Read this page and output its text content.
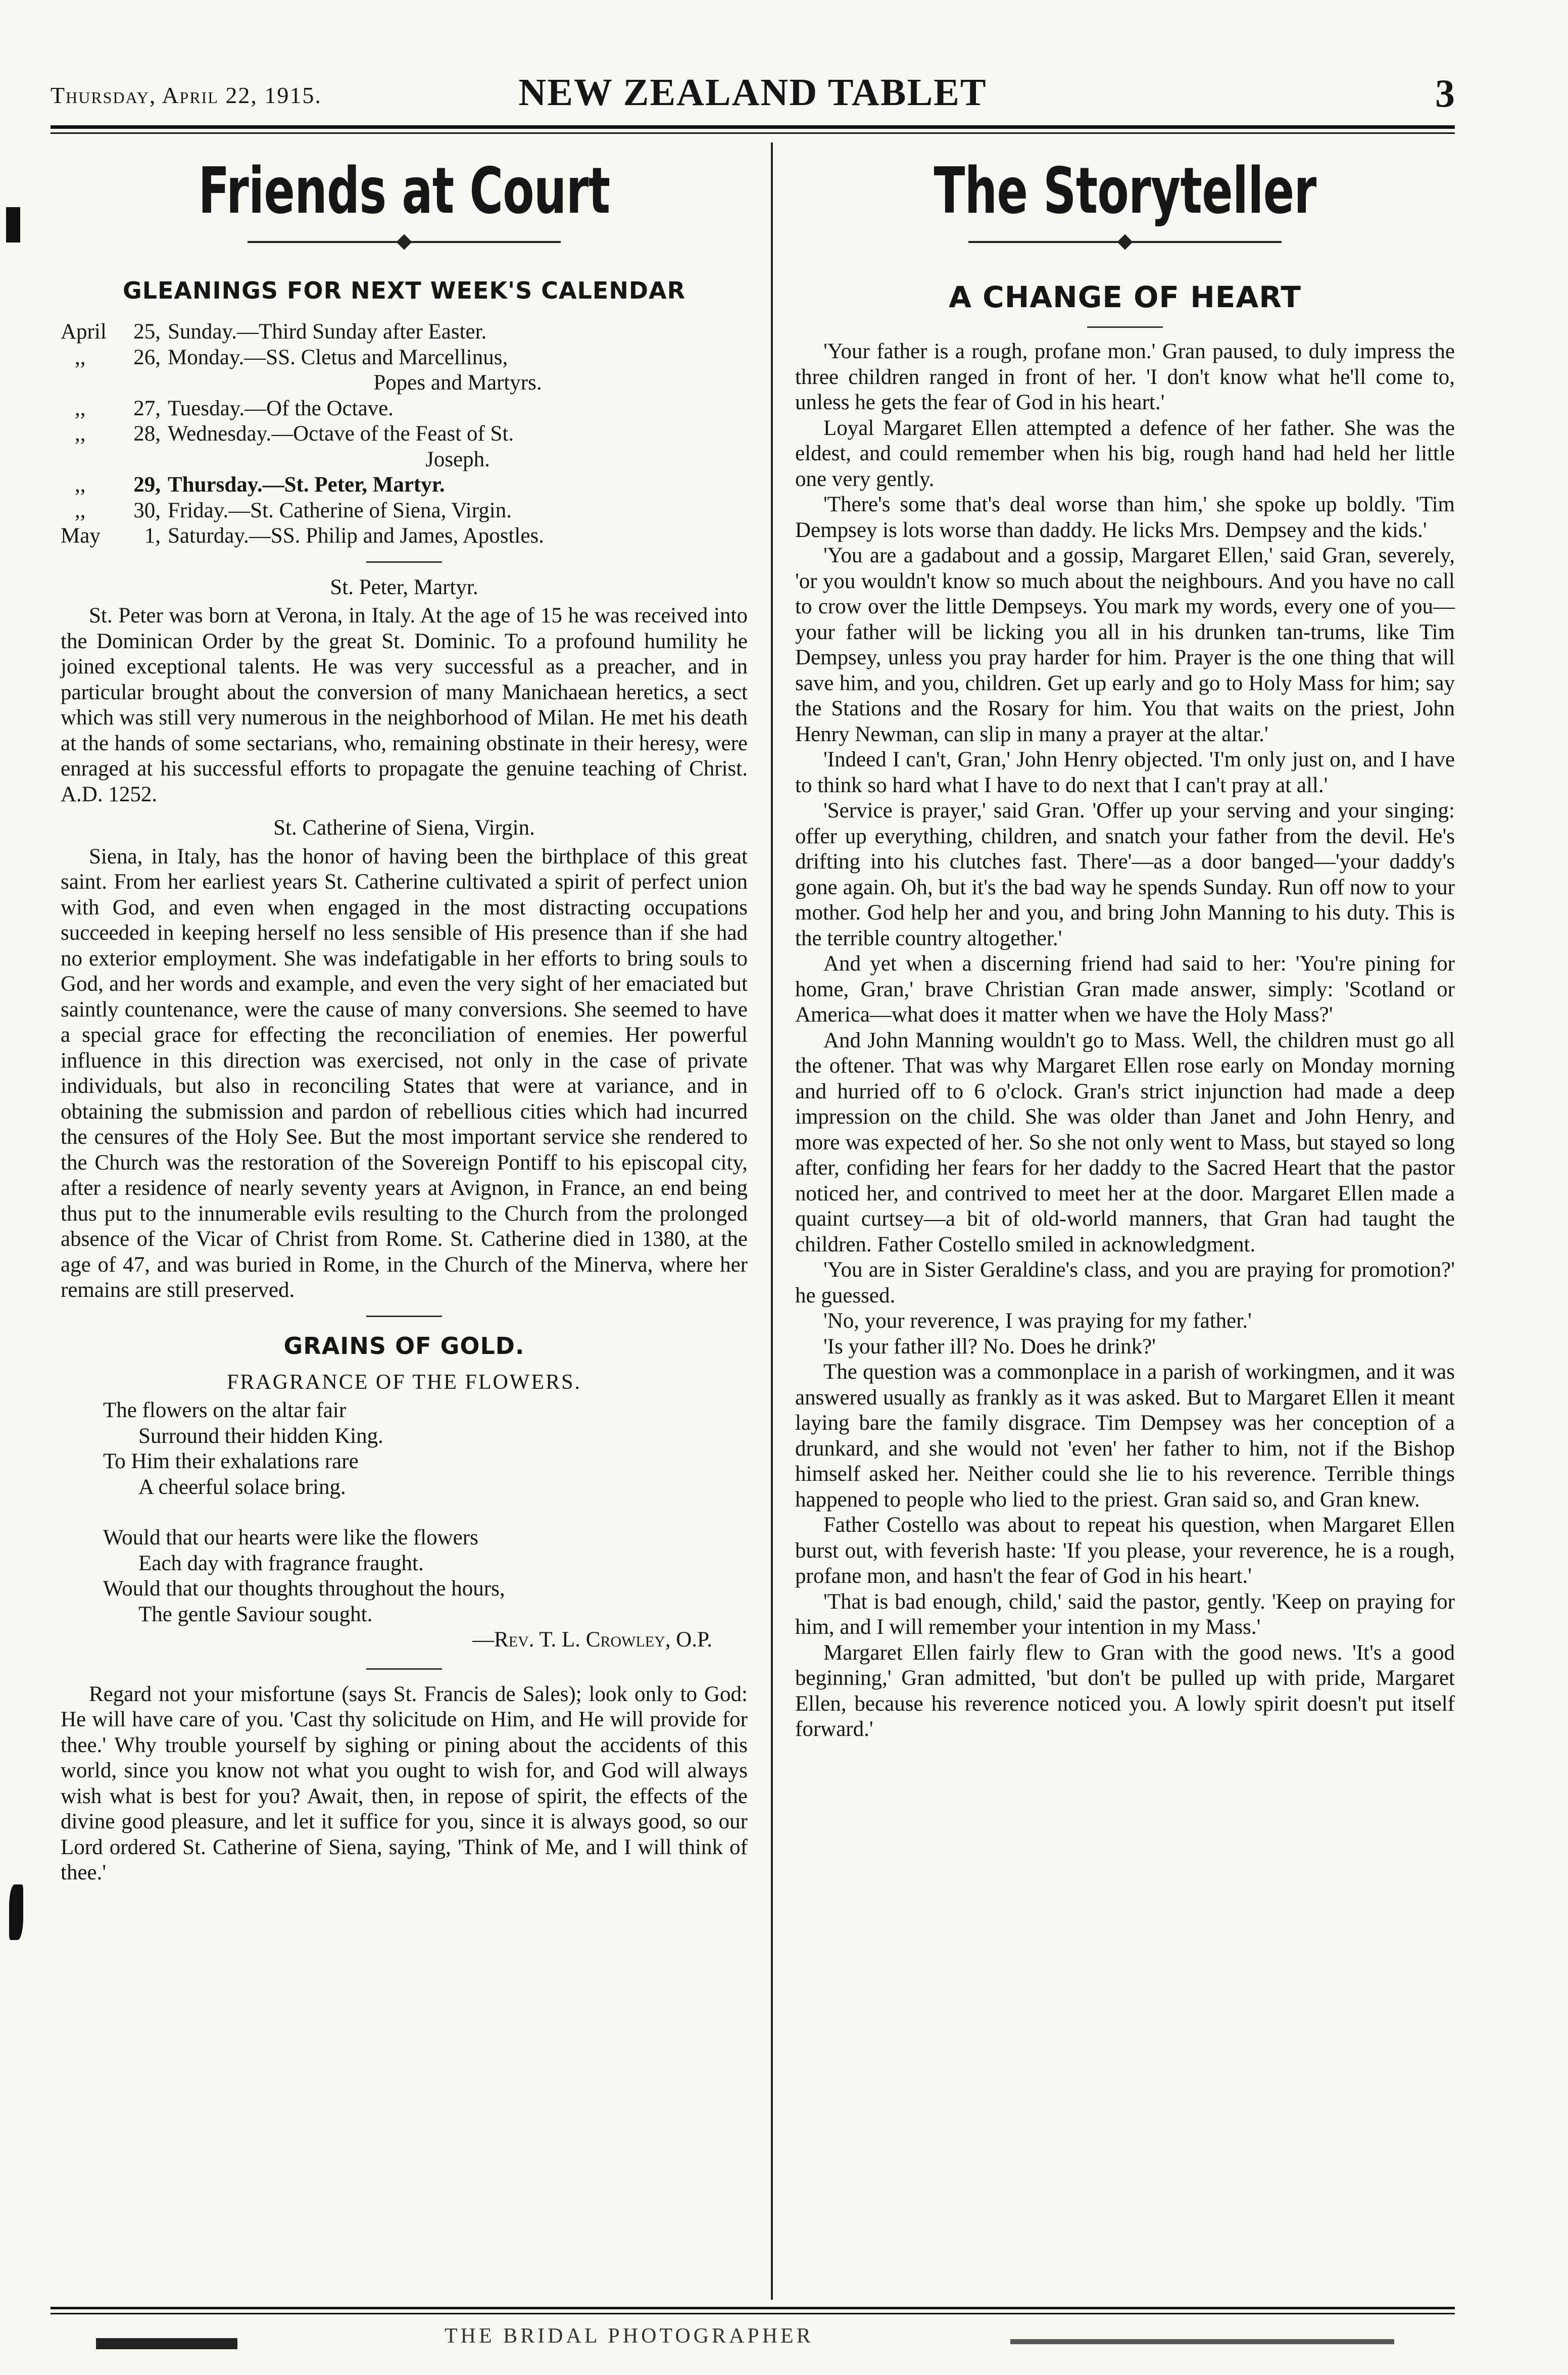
Thursday, April 22, 1915.	NEW ZEALAND TABLET	3
Friends at Court
GLEANINGS FOR NEXT WEEK'S CALENDAR
April	25, Sunday.—Third Sunday after Easter.
,,	26, Monday.—SS. Cletus and Marcellinus,
Popes and Martyrs.
,,	27, Tuesday.—Of the Octave.
,,	28, Wednesday.—Octave of the Feast of St.
Joseph.
,,	29, Thursday.—St. Peter, Martyr.
,,	30, Friday.—St. Catherine of Siena, Virgin.
May	1, Saturday.—SS. Philip and James, Apostles.
St. Peter, Martyr.

St. Peter was born at Verona, in Italy. At the age of 15 he was received into the Dominican Order by the great St. Dominic. To a profound humility he joined exceptional talents. He was very successful as a preacher, and in particular brought about the conversion of many Manichaean heretics, a sect which was still very numerous in the neighborhood of Milan. He met his death at the hands of some sectarians, who, remaining obstinate in their heresy, were enraged at his successful efforts to propagate the genuine teaching of Christ. A.D. 1252.

St. Catherine of Siena, Virgin.

Siena, in Italy, has the honor of having been the birthplace of this great saint. From her earliest years St. Catherine cultivated a spirit of perfect union with God, and even when engaged in the most distracting occupations succeeded in keeping herself no less sensible of His presence than if she had no exterior employment. She was indefatigable in her efforts to bring souls to God, and her words and example, and even the very sight of her emaciated but saintly countenance, were the cause of many conversions. She seemed to have a special grace for effecting the reconciliation of enemies. Her powerful influence in this direction was exercised, not only in the case of private individuals, but also in reconciling States that were at variance, and in obtaining the submission and pardon of rebellious cities which had incurred the censures of the Holy See. But the most important service she rendered to the Church was the restoration of the Sovereign Pontiff to his episcopal city, after a residence of nearly seventy years at Avignon, in France, an end being thus put to the innumerable evils resulting to the Church from the prolonged absence of the Vicar of Christ from Rome. St. Catherine died in 1380, at the age of 47, and was buried in Rome, in the Church of the Minerva, where her remains are still preserved.

GRAINS OF GOLD.
FRAGRANCE OF THE FLOWERS.
The flowers on the altar fair
Surround their hidden King.
To Him their exhalations rare
A cheerful solace bring.
Would that our hearts were like the flowers
Each day with fragrance fraught.
Would that our thoughts throughout the hours,
The gentle Saviour sought.
—Rev. T. L. Crowley, O.P.

Regard not your misfortune (says St. Francis de Sales); look only to God: He will have care of you. 'Cast thy solicitude on Him, and He will provide for thee.' Why trouble yourself by sighing or pining about the accidents of this world, since you know not what you ought to wish for, and God will always wish what is best for you? Await, then, in repose of spirit, the effects of the divine good pleasure, and let it suffice for you, since it is always good, so our Lord ordered St. Catherine of Siena, saying, 'Think of Me, and I will think of thee.'

The Storyteller
A CHANGE OF HEART

'Your father is a rough, profane mon.' Gran paused, to duly impress the three children ranged in front of her. 'I don't know what he'll come to, unless he gets the fear of God in his heart.'

Loyal Margaret Ellen attempted a defence of her father. She was the eldest, and could remember when his big, rough hand had held her little one very gently.

'There's some that's deal worse than him,' she spoke up boldly. 'Tim Dempsey is lots worse than daddy. He licks Mrs. Dempsey and the kids.'

'You are a gadabout and a gossip, Margaret Ellen,' said Gran, severely, 'or you wouldn't know so much about the neighbours. And you have no call to crow over the little Dempseys. You mark my words, every one of you—your father will be licking you all in his drunken tan-trums, like Tim Dempsey, unless you pray harder for him. Prayer is the one thing that will save him, and you, children. Get up early and go to Holy Mass for him; say the Stations and the Rosary for him. You that waits on the priest, John Henry Newman, can slip in many a prayer at the altar.'

'Indeed I can't, Gran,' John Henry objected. 'I'm only just on, and I have to think so hard what I have to do next that I can't pray at all.'

'Service is prayer,' said Gran. 'Offer up your serving and your singing: offer up everything, children, and snatch your father from the devil. He's drifting into his clutches fast. There'—as a door banged—'your daddy's gone again. Oh, but it's the bad way he spends Sunday. Run off now to your mother. God help her and you, and bring John Manning to his duty. This is the terrible country altogether.'

And yet when a discerning friend had said to her: 'You're pining for home, Gran,' brave Christian Gran made answer, simply: 'Scotland or America—what does it matter when we have the Holy Mass?'

And John Manning wouldn't go to Mass. Well, the children must go all the oftener. That was why Margaret Ellen rose early on Monday morning and hurried off to 6 o'clock. Gran's strict injunction had made a deep impression on the child. She was older than Janet and John Henry, and more was expected of her. So she not only went to Mass, but stayed so long after, confiding her fears for her daddy to the Sacred Heart that the pastor noticed her, and contrived to meet her at the door. Margaret Ellen made a quaint curtsey—a bit of old-world manners, that Gran had taught the children. Father Costello smiled in acknowledgment.

'You are in Sister Geraldine's class, and you are praying for promotion?' he guessed.

'No, your reverence, I was praying for my father.'

'Is your father ill? No. Does he drink?'

The question was a commonplace in a parish of workingmen, and it was answered usually as frankly as it was asked. But to Margaret Ellen it meant laying bare the family disgrace. Tim Dempsey was her conception of a drunkard, and she would not 'even' her father to him, not if the Bishop himself asked her. Neither could she lie to his reverence. Terrible things happened to people who lied to the priest. Gran said so, and Gran knew.

Father Costello was about to repeat his question, when Margaret Ellen burst out, with feverish haste: 'If you please, your reverence, he is a rough, profane mon, and hasn't the fear of God in his heart.'

'That is bad enough, child,' said the pastor, gently. 'Keep on praying for him, and I will remember your intention in my Mass.'

Margaret Ellen fairly flew to Gran with the good news. 'It's a good beginning,' Gran admitted, 'but don't be pulled up with pride, Margaret Ellen, because his reverence noticed you. A lowly spirit doesn't put itself forward.'

THE BRIDAL PHOTOGRAPHER
